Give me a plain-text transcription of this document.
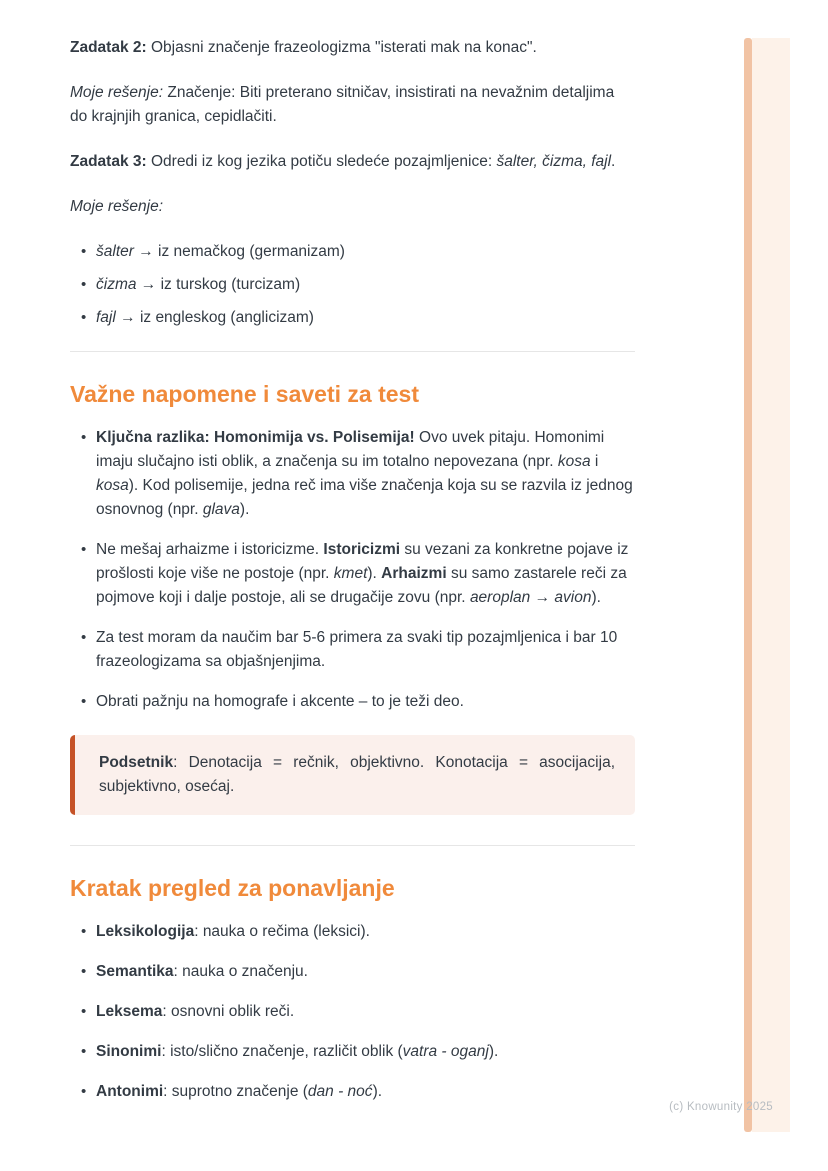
Zadatak 2: Objasni značenje frazeologizma "isterati mak na konac".

Moje rešenje: Značenje: Biti preterano sitničav, insistirati na nevažnim detaljima do krajnjih granica, cepidlačiti.

Zadatak 3: Odredi iz kog jezika potiču sledeće pozajmljenice: šalter, čizma, fajl.

Moje rešenje:

• šalter → iz nemačkog (germanizam)
• čizma → iz turskog (turcizam)
• fajl → iz engleskog (anglicizam)
Važne napomene i saveti za test
• Ključna razlika: Homonimija vs. Polisemija! Ovo uvek pitaju. Homonimi imaju slučajno isti oblik, a značenja su im totalno nepovezana (npr. kosa i kosa). Kod polisemije, jedna reč ima više značenja koja su se razvila iz jednog osnovnog (npr. glava).
• Ne mešaj arhaizme i istoricizme. Istoricizmi su vezani za konkretne pojave iz prošlosti koje više ne postoje (npr. kmet). Arhaizmi su samo zastarele reči za pojmove koji i dalje postoje, ali se drugačije zovu (npr. aeroplan → avion).
• Za test moram da naučim bar 5-6 primera za svaki tip pozajmljenica i bar 10 frazeologizama sa objašnjenjima.
• Obrati pažnju na homografe i akcente – to je teži deo.

Podsetnik: Denotacija = rečnik, objektivno. Konotacija = asocijacija, subjektivno, osećaj.

Kratak pregled za ponavljanje
• Leksikologija: nauka o rečima (leksici).
• Semantika: nauka o značenju.
• Leksema: osnovni oblik reči.
• Sinonimi: isto/slično značenje, različit oblik (vatra - oganj).
• Antonimi: suprotno značenje (dan - noć).
(c) Knowunity 2025
